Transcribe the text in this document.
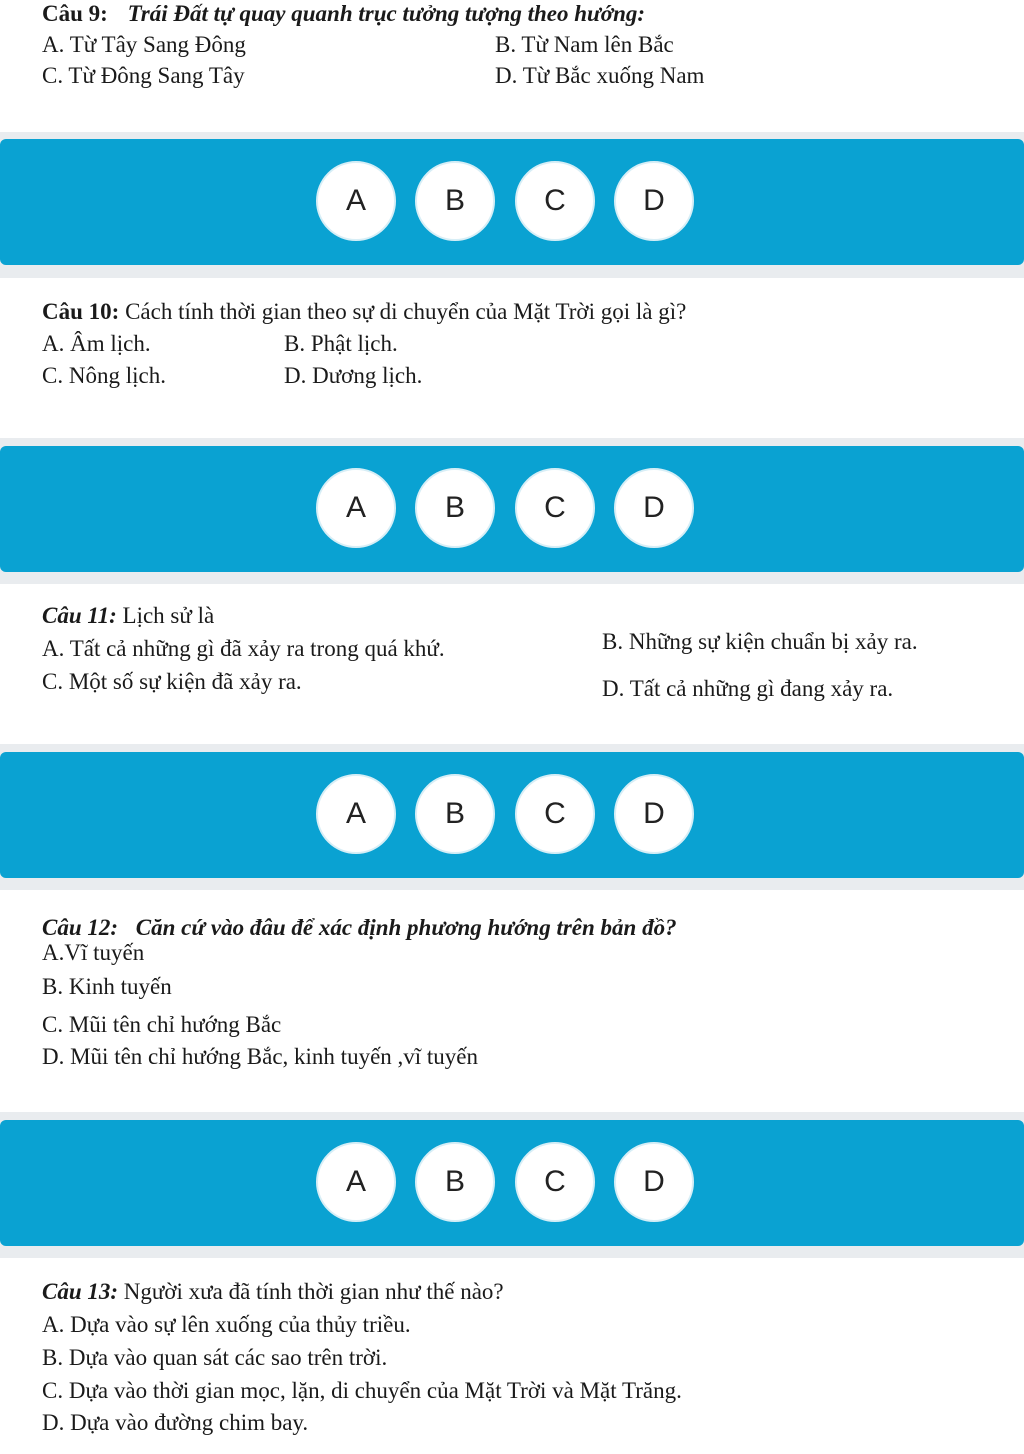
Câu 9: Trái Đất tự quay quanh trục tưởng tượng theo hướng:
A. Từ Tây Sang Đông	B. Từ Nam lên Bắc
C. Từ Đông Sang Tây	D. Từ Bắc xuống Nam
A	B	C	D
Câu 10: Cách tính thời gian theo sự di chuyển của Mặt Trời gọi là gì?
A. Âm lịch.	B. Phật lịch.
C. Nông lịch.	D. Dương lịch.
A	B	C	D
Câu 11: Lịch sử là
A. Tất cả những gì đã xảy ra trong quá khứ.	B. Những sự kiện chuẩn bị xảy ra.
C. Một số sự kiện đã xảy ra.	D. Tất cả những gì đang xảy ra.
A	B	C	D
Câu 12: Căn cứ vào đâu để xác định phương hướng trên bản đồ?
A.Vĩ tuyến
B. Kinh tuyến
C. Mũi tên chỉ hướng Bắc
D. Mũi tên chỉ hướng Bắc, kinh tuyến ,vĩ tuyến
A	B	C	D
Câu 13: Người xưa đã tính thời gian như thế nào?
A. Dựa vào sự lên xuống của thủy triều.
B. Dựa vào quan sát các sao trên trời.
C. Dựa vào thời gian mọc, lặn, di chuyển của Mặt Trời và Mặt Trăng.
D. Dựa vào đường chim bay.
